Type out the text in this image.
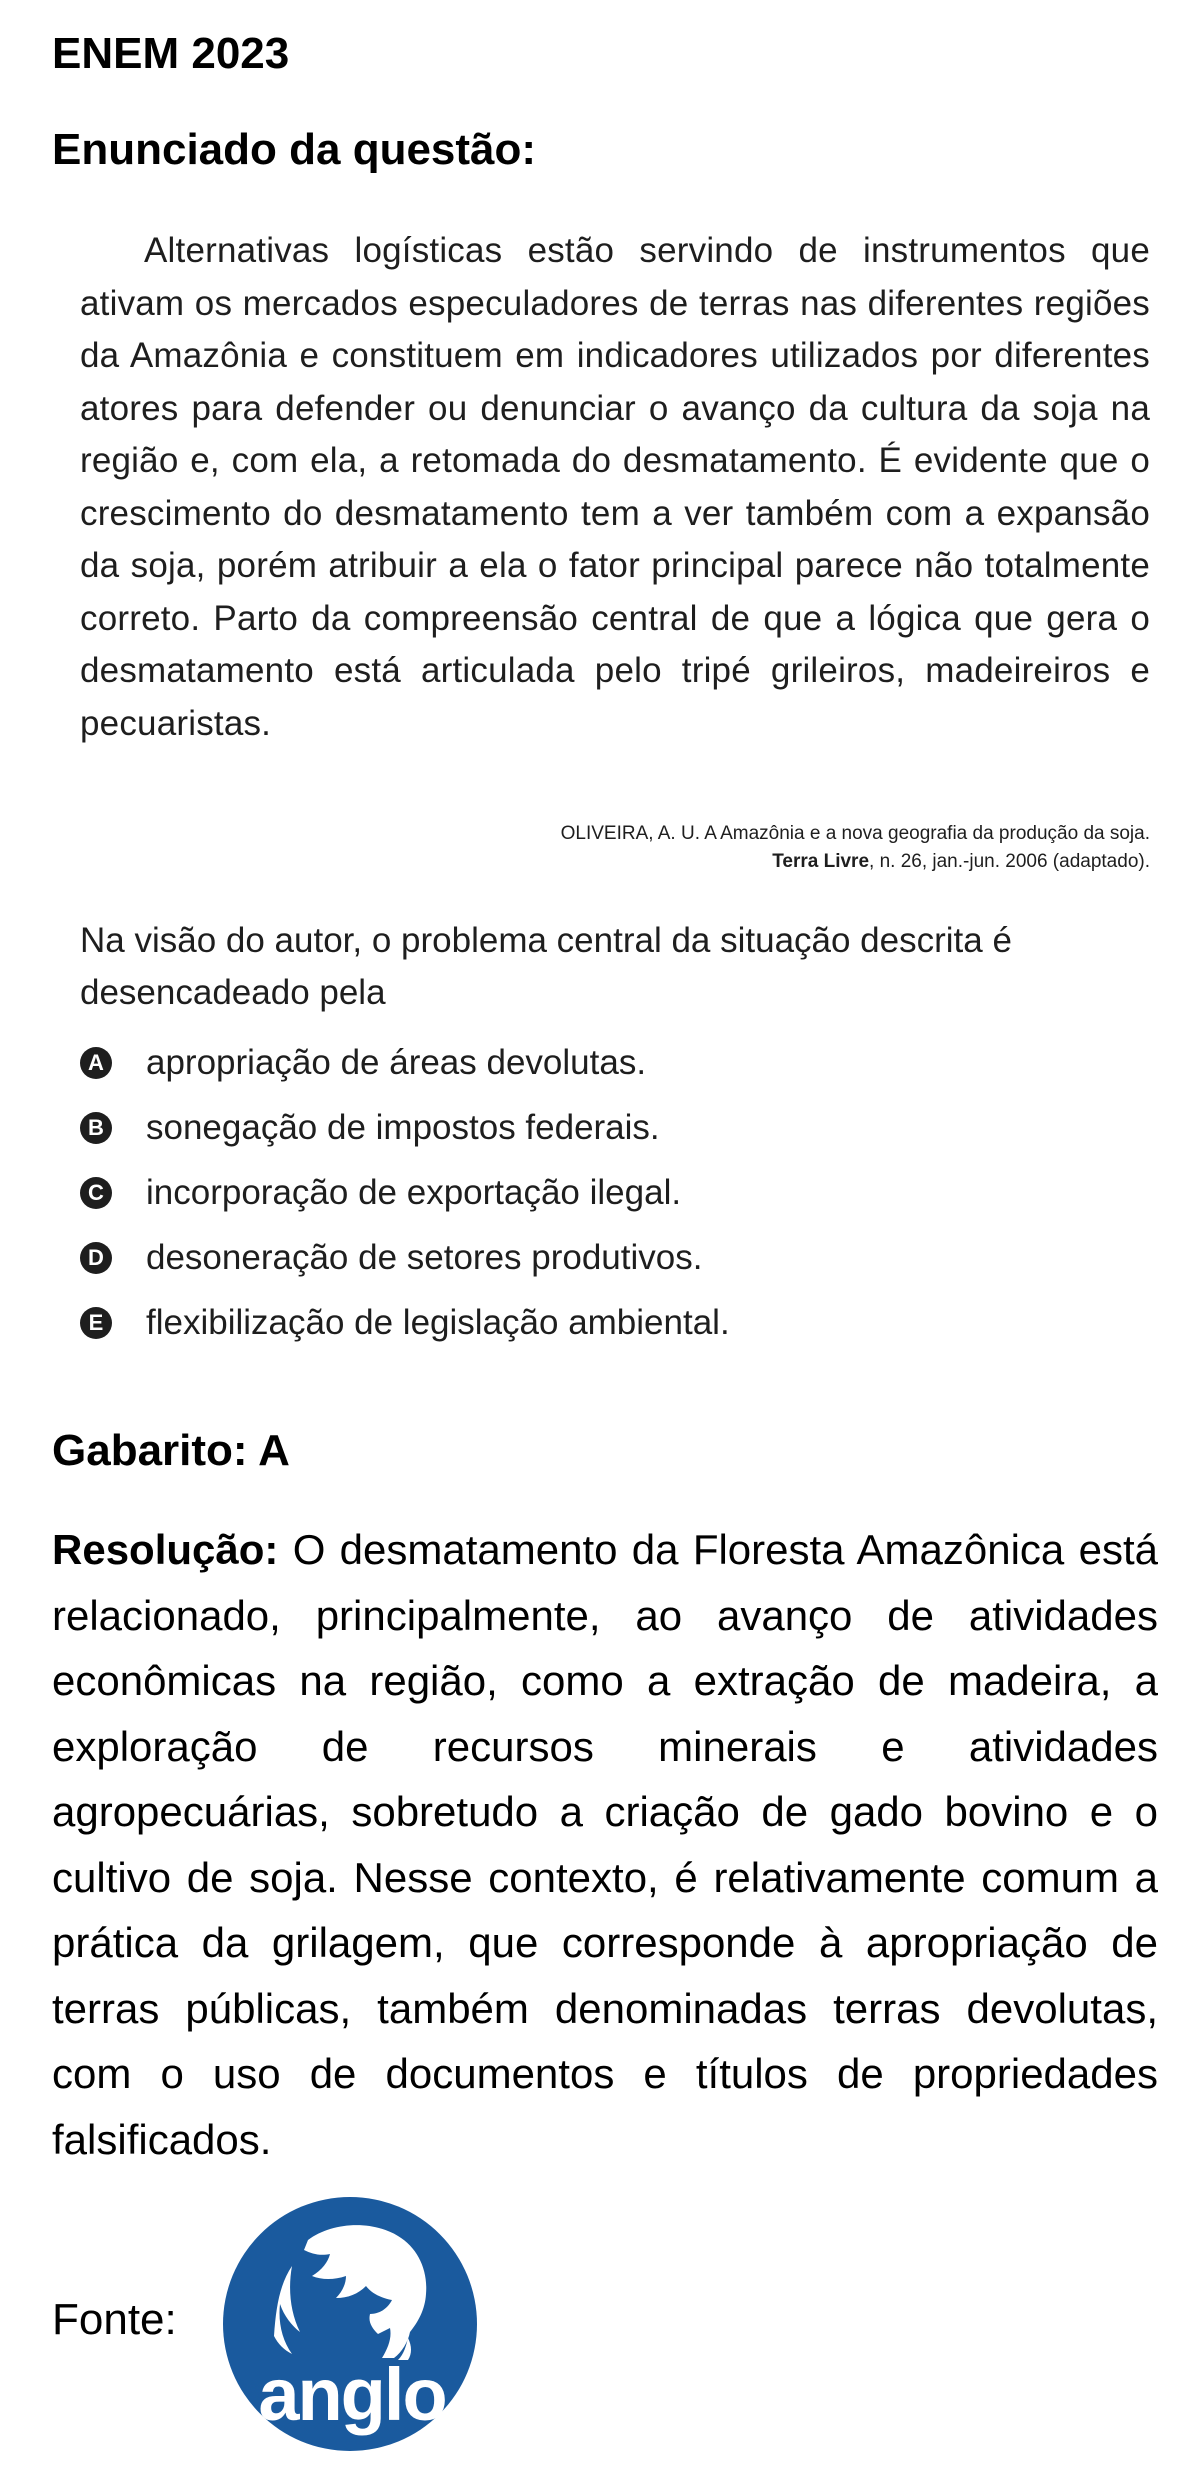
ENEM 2023
Enunciado da questão:

Alternativas logísticas estão servindo de instrumentos que ativam os mercados especuladores de terras nas diferentes regiões da Amazônia e constituem em indicadores utilizados por diferentes atores para defender ou denunciar o avanço da cultura da soja na região e, com ela, a retomada do desmatamento. É evidente que o crescimento do desmatamento tem a ver também com a expansão da soja, porém atribuir a ela o fator principal parece não totalmente correto. Parto da compreensão central de que a lógica que gera o desmatamento está articulada pelo tripé grileiros, madeireiros e pecuaristas.

OLIVEIRA, A. U. A Amazônia e a nova geografia da produção da soja.
Terra Livre, n. 26, jan.-jun. 2006 (adaptado).

Na visão do autor, o problema central da situação descrita é desencadeado pela

A apropriação de áreas devolutas.
B sonegação de impostos federais.
C incorporação de exportação ilegal.
D desoneração de setores produtivos.
E flexibilização de legislação ambiental.

Gabarito: A

Resolução: O desmatamento da Floresta Amazônica está relacionado, principalmente, ao avanço de atividades econômicas na região, como a extração de madeira, a exploração de recursos minerais e atividades agropecuárias, sobretudo a criação de gado bovino e o cultivo de soja. Nesse contexto, é relativamente comum a prática da grilagem, que corresponde à apropriação de terras públicas, também denominadas terras devolutas, com o uso de documentos e títulos de propriedades falsificados.

Fonte:

anglo
